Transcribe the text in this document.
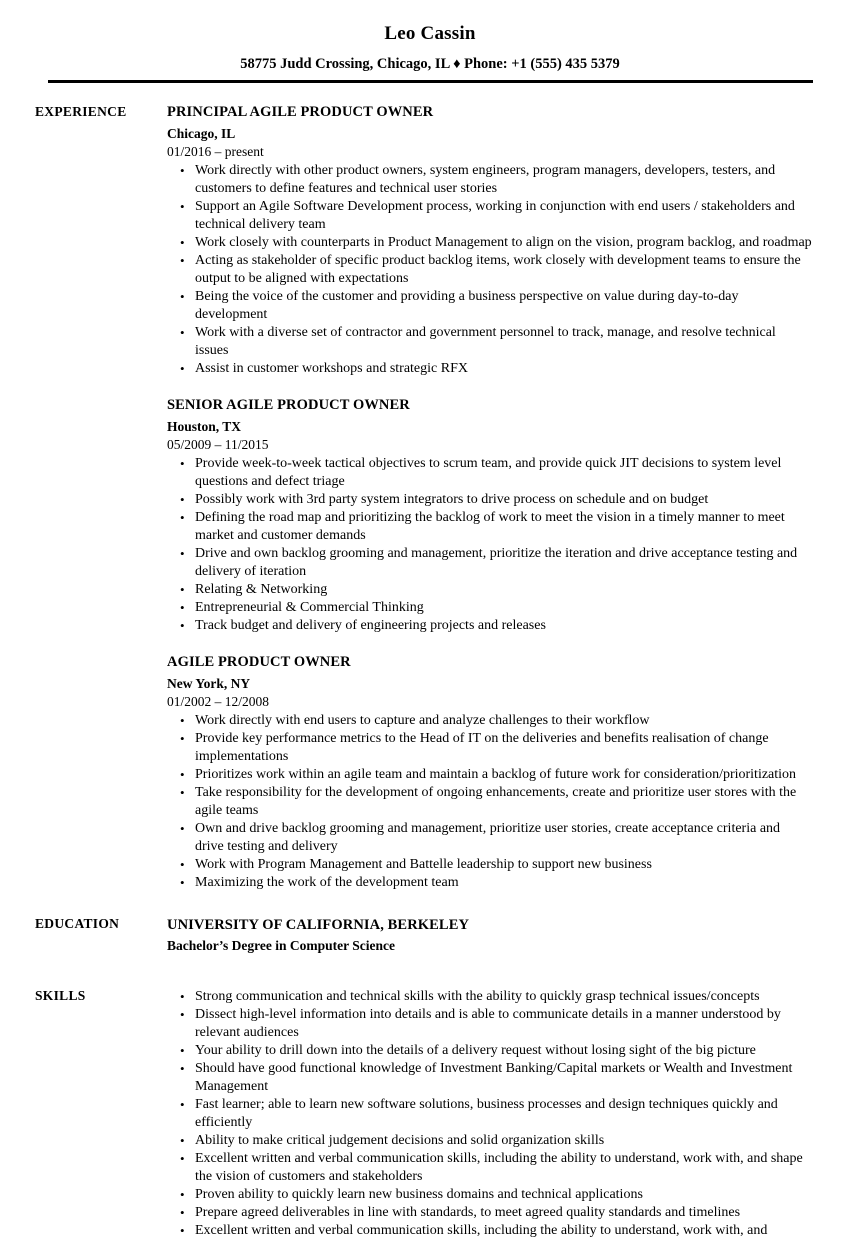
Leo Cassin
58775 Judd Crossing, Chicago, IL ♦ Phone: +1 (555) 435 5379
EXPERIENCE	PRINCIPAL AGILE PRODUCT OWNER
Chicago, IL
01/2016 – present
• Work directly with other product owners, system engineers, program managers, developers, testers, and customers to define features and technical user stories
• Support an Agile Software Development process, working in conjunction with end users / stakeholders and technical delivery team
• Work closely with counterparts in Product Management to align on the vision, program backlog, and roadmap
• Acting as stakeholder of specific product backlog items, work closely with development teams to ensure the output to be aligned with expectations
• Being the voice of the customer and providing a business perspective on value during day-to-day development
• Work with a diverse set of contractor and government personnel to track, manage, and resolve technical issues
• Assist in customer workshops and strategic RFX
SENIOR AGILE PRODUCT OWNER
Houston, TX
05/2009 – 11/2015
• Provide week-to-week tactical objectives to scrum team, and provide quick JIT decisions to system level questions and defect triage
• Possibly work with 3rd party system integrators to drive process on schedule and on budget
• Defining the road map and prioritizing the backlog of work to meet the vision in a timely manner to meet market and customer demands
• Drive and own backlog grooming and management, prioritize the iteration and drive acceptance testing and delivery of iteration
• Relating & Networking
• Entrepreneurial & Commercial Thinking
• Track budget and delivery of engineering projects and releases
AGILE PRODUCT OWNER
New York, NY
01/2002 – 12/2008
• Work directly with end users to capture and analyze challenges to their workflow
• Provide key performance metrics to the Head of IT on the deliveries and benefits realisation of change implementations
• Prioritizes work within an agile team and maintain a backlog of future work for consideration/prioritization
• Take responsibility for the development of ongoing enhancements, create and prioritize user stores with the agile teams
• Own and drive backlog grooming and management, prioritize user stories, create acceptance criteria and drive testing and delivery
• Work with Program Management and Battelle leadership to support new business
• Maximizing the work of the development team
EDUCATION	UNIVERSITY OF CALIFORNIA, BERKELEY
Bachelor’s Degree in Computer Science
SKILLS	• Strong communication and technical skills with the ability to quickly grasp technical issues/concepts
• Dissect high-level information into details and is able to communicate details in a manner understood by relevant audiences
• Your ability to drill down into the details of a delivery request without losing sight of the big picture
• Should have good functional knowledge of Investment Banking/Capital markets or Wealth and Investment Management
• Fast learner; able to learn new software solutions, business processes and design techniques quickly and efficiently
• Ability to make critical judgement decisions and solid organization skills
• Excellent written and verbal communication skills, including the ability to understand, work with, and shape the vision of customers and stakeholders
• Proven ability to quickly learn new business domains and technical applications
• Prepare agreed deliverables in line with standards, to meet agreed quality standards and timelines
• Excellent written and verbal communication skills, including the ability to understand, work with, and
